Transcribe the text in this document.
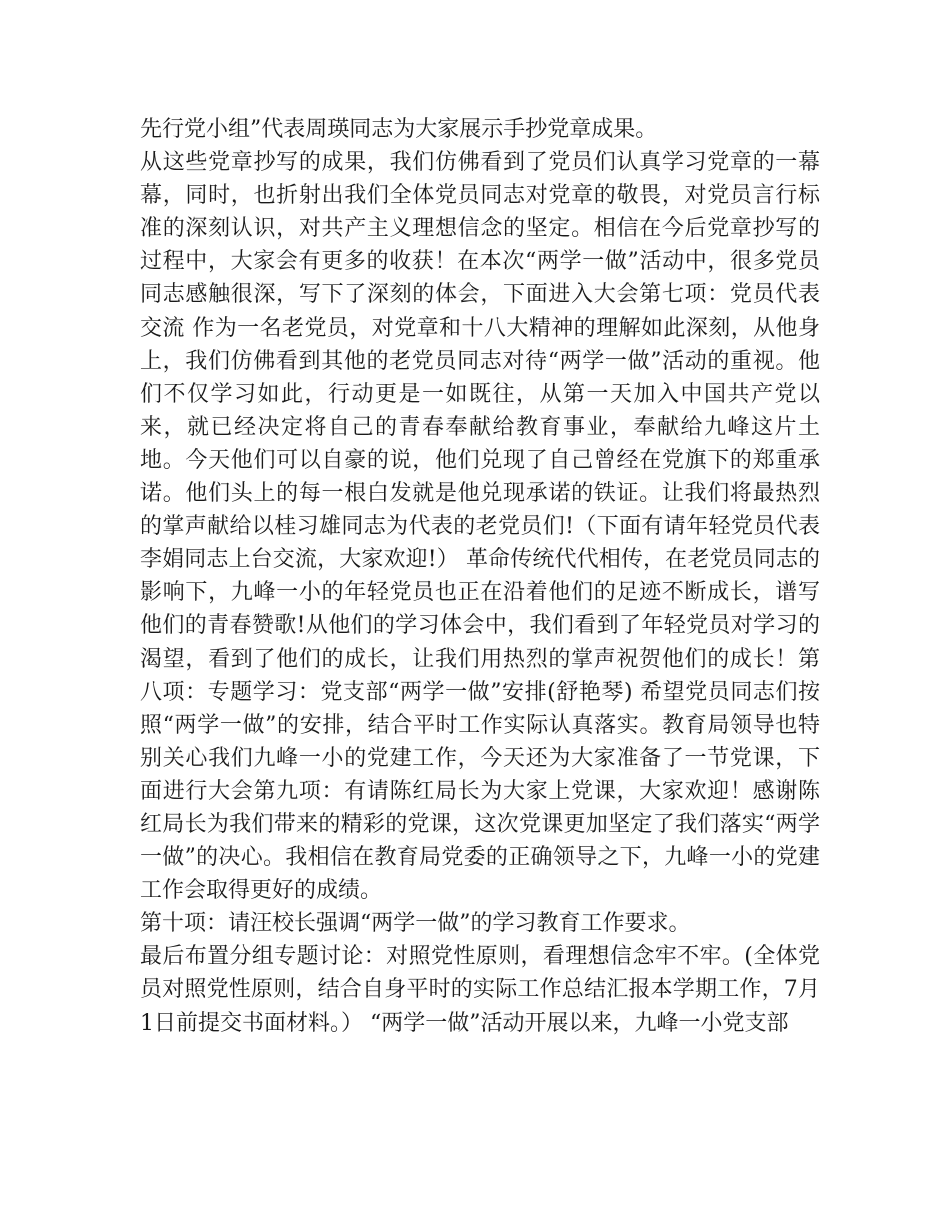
先行党小组”代表周瑛同志为大家展示手抄党章成果。

从这些党章抄写的成果，我们仿佛看到了党员们认真学习党章的一幕幕，同时，也折射出我们全体党员同志对党章的敬畏，对党员言行标准的深刻认识，对共产主义理想信念的坚定。相信在今后党章抄写的过程中，大家会有更多的收获！在本次“两学一做”活动中，很多党员同志感触很深，写下了深刻的体会，下面进入大会第七项：党员代表交流 作为一名老党员，对党章和十八大精神的理解如此深刻，从他身上，我们仿佛看到其他的老党员同志对待“两学一做”活动的重视。他们不仅学习如此，行动更是一如既往，从第一天加入中国共产党以来，就已经决定将自己的青春奉献给教育事业，奉献给九峰这片土地。今天他们可以自豪的说，他们兑现了自己曾经在党旗下的郑重承诺。他们头上的每一根白发就是他兑现承诺的铁证。让我们将最热烈的掌声献给以桂习雄同志为代表的老党员们!（下面有请年轻党员代表李娟同志上台交流，大家欢迎!） 革命传统代代相传，在老党员同志的影响下，九峰一小的年轻党员也正在沿着他们的足迹不断成长，谱写他们的青春赞歌!从他们的学习体会中，我们看到了年轻党员对学习的渴望，看到了他们的成长，让我们用热烈的掌声祝贺他们的成长！第八项：专题学习：党支部“两学一做”安排(舒艳琴) 希望党员同志们按照“两学一做”的安排，结合平时工作实际认真落实。教育局领导也特别关心我们九峰一小的党建工作，今天还为大家准备了一节党课，下面进行大会第九项：有请陈红局长为大家上党课，大家欢迎！感谢陈红局长为我们带来的精彩的党课，这次党课更加坚定了我们落实“两学一做”的决心。我相信在教育局党委的正确领导之下，九峰一小的党建工作会取得更好的成绩。

第十项：请汪校长强调“两学一做”的学习教育工作要求。

最后布置分组专题讨论：对照党性原则，看理想信念牢不牢。(全体党员对照党性原则，结合自身平时的实际工作总结汇报本学期工作，7月1日前提交书面材料。） “两学一做”活动开展以来，九峰一小党支部
